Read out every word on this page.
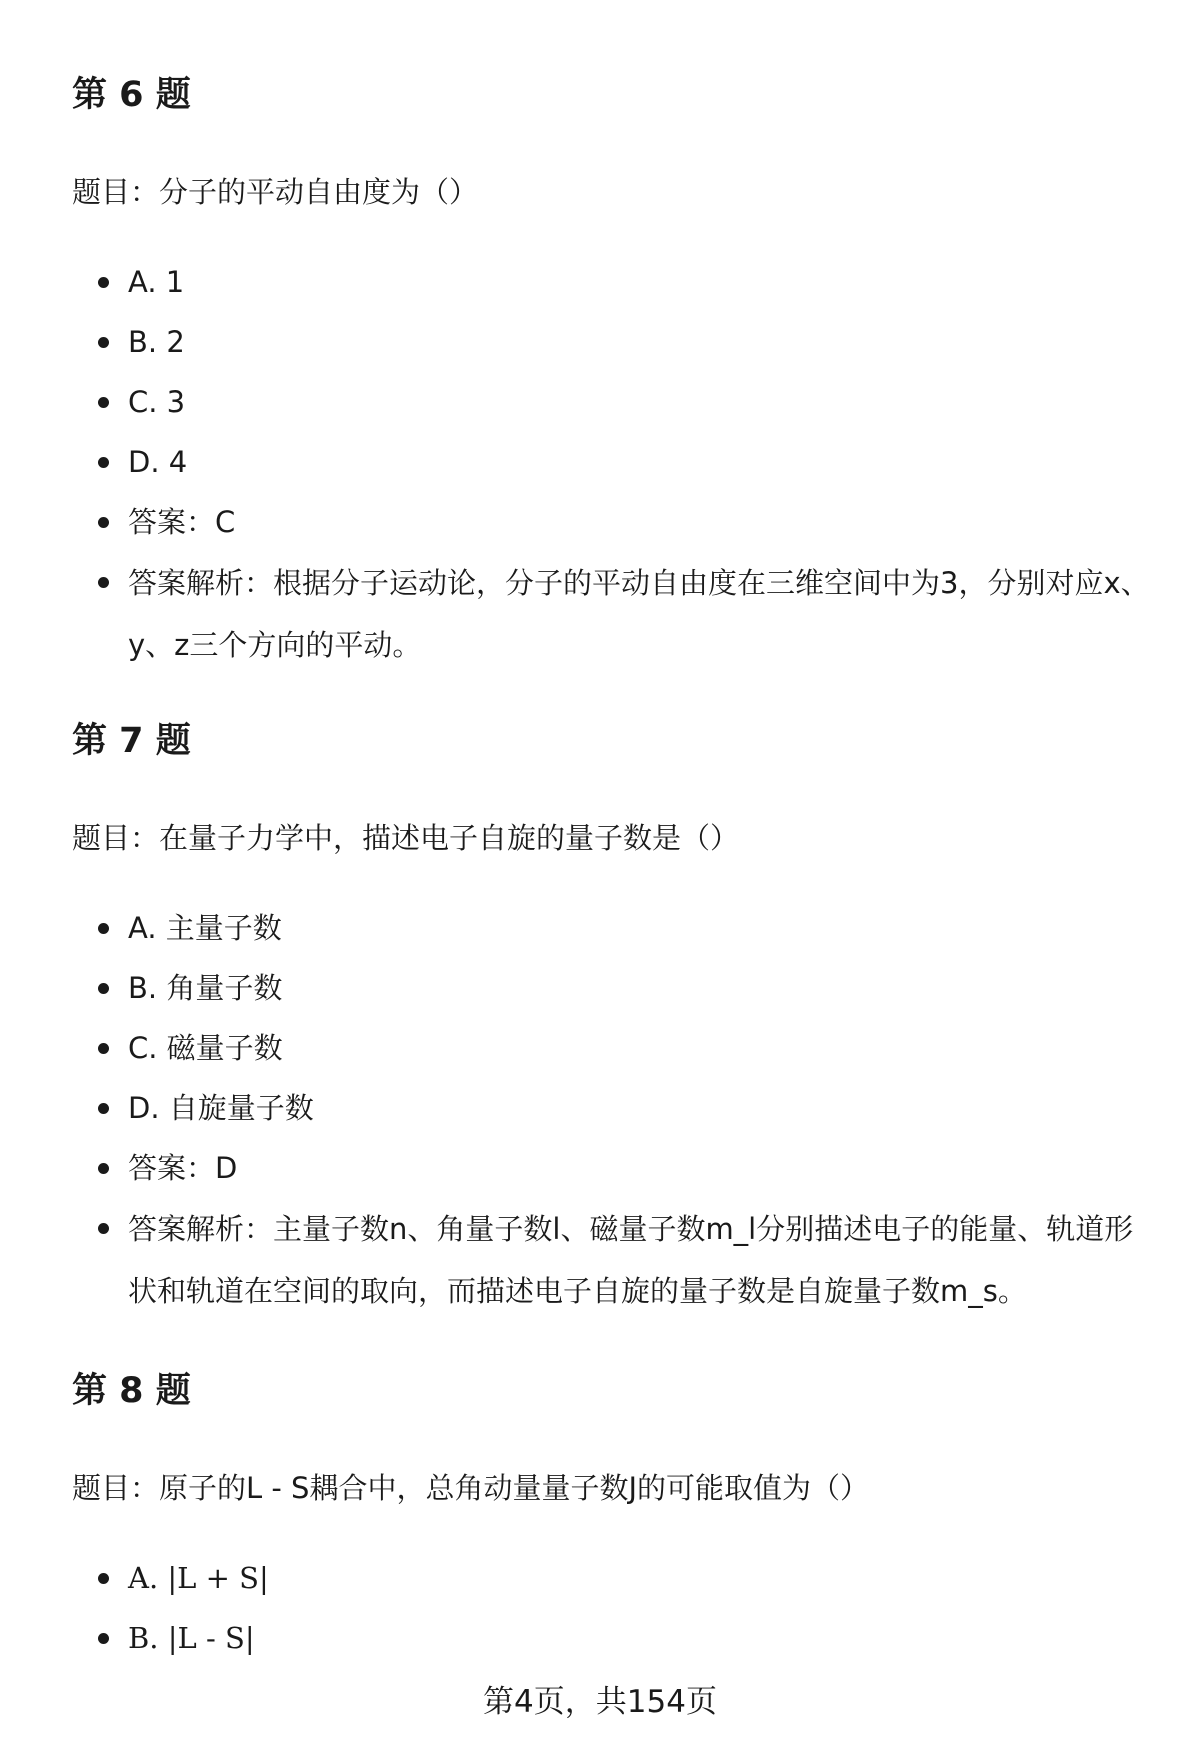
第 6 题

题目：分子的平动自由度为（）

A. 1
B. 2
C. 3
D. 4
答案：C
答案解析：根据分子运动论，分子的平动自由度在三维空间中为3，分别对应x、y、z三个方向的平动。
第 7 题

题目：在量子力学中，描述电子自旋的量子数是（）

A. 主量子数
B. 角量子数
C. 磁量子数
D. 自旋量子数
答案：D
答案解析：主量子数n、角量子数l、磁量子数m_l分别描述电子的能量、轨道形状和轨道在空间的取向，而描述电子自旋的量子数是自旋量子数m_s。
第 8 题

题目：原子的L - S耦合中，总角动量量子数J的可能取值为（）

A. |L + S|
B. |L - S|

第4页，共154页
